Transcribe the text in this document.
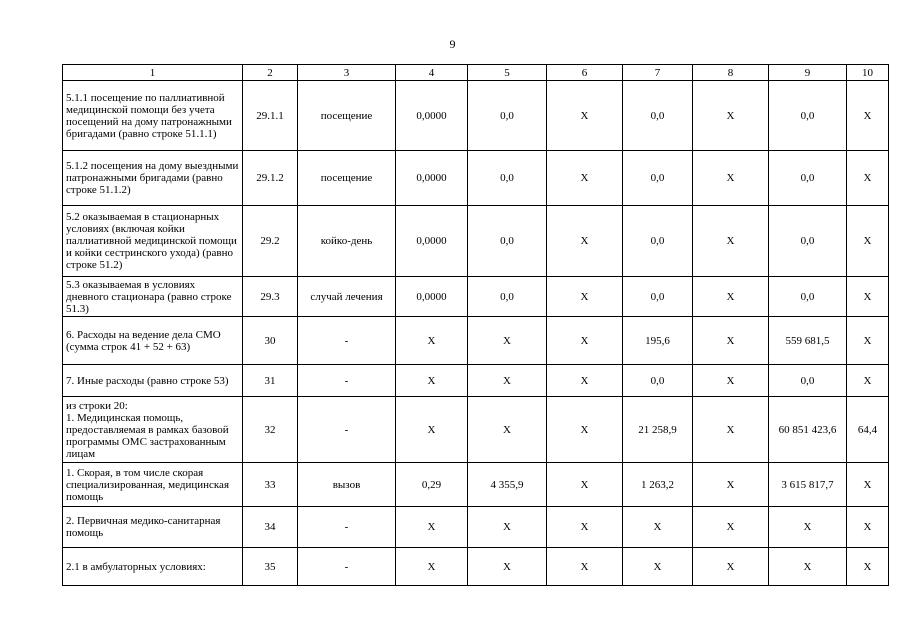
9
1	2	3	4	5	6	7	8	9	10
5.1.1 посещение по паллиативной медицинской помощи без учета посещений на дому патронажными бригадами (равно строке 51.1.1)	29.1.1	посещение	0,0000	0,0	X	0,0	X	0,0	X
5.1.2 посещения на дому выездными патронажными бригадами (равно строке 51.1.2)	29.1.2	посещение	0,0000	0,0	X	0,0	X	0,0	X
5.2 оказываемая в стационарных условиях (включая койки паллиативной медицинской помощи и койки сестринского ухода) (равно строке 51.2)	29.2	койко-день	0,0000	0,0	X	0,0	X	0,0	X
5.3 оказываемая в условиях дневного стационара (равно строке 51.3)	29.3	случай лечения	0,0000	0,0	X	0,0	X	0,0	X
6. Расходы на ведение дела СМО (сумма строк 41 + 52 + 63)	30	-	X	X	X	195,6	X	559 681,5	X
7. Иные расходы (равно строке 53)	31	-	X	X	X	0,0	X	0,0	X
из строки 20:
1. Медицинская помощь, предоставляемая в рамках базовой программы ОМС застрахованным лицам	32	-	X	X	X	21 258,9	X	60 851 423,6	64,4
1. Скорая, в том числе скорая специализированная, медицинская помощь	33	вызов	0,29	4 355,9	X	1 263,2	X	3 615 817,7	X
2. Первичная медико-санитарная помощь	34	-	X	X	X	X	X	X	X
2.1 в амбулаторных условиях:	35	-	X	X	X	X	X	X	X
